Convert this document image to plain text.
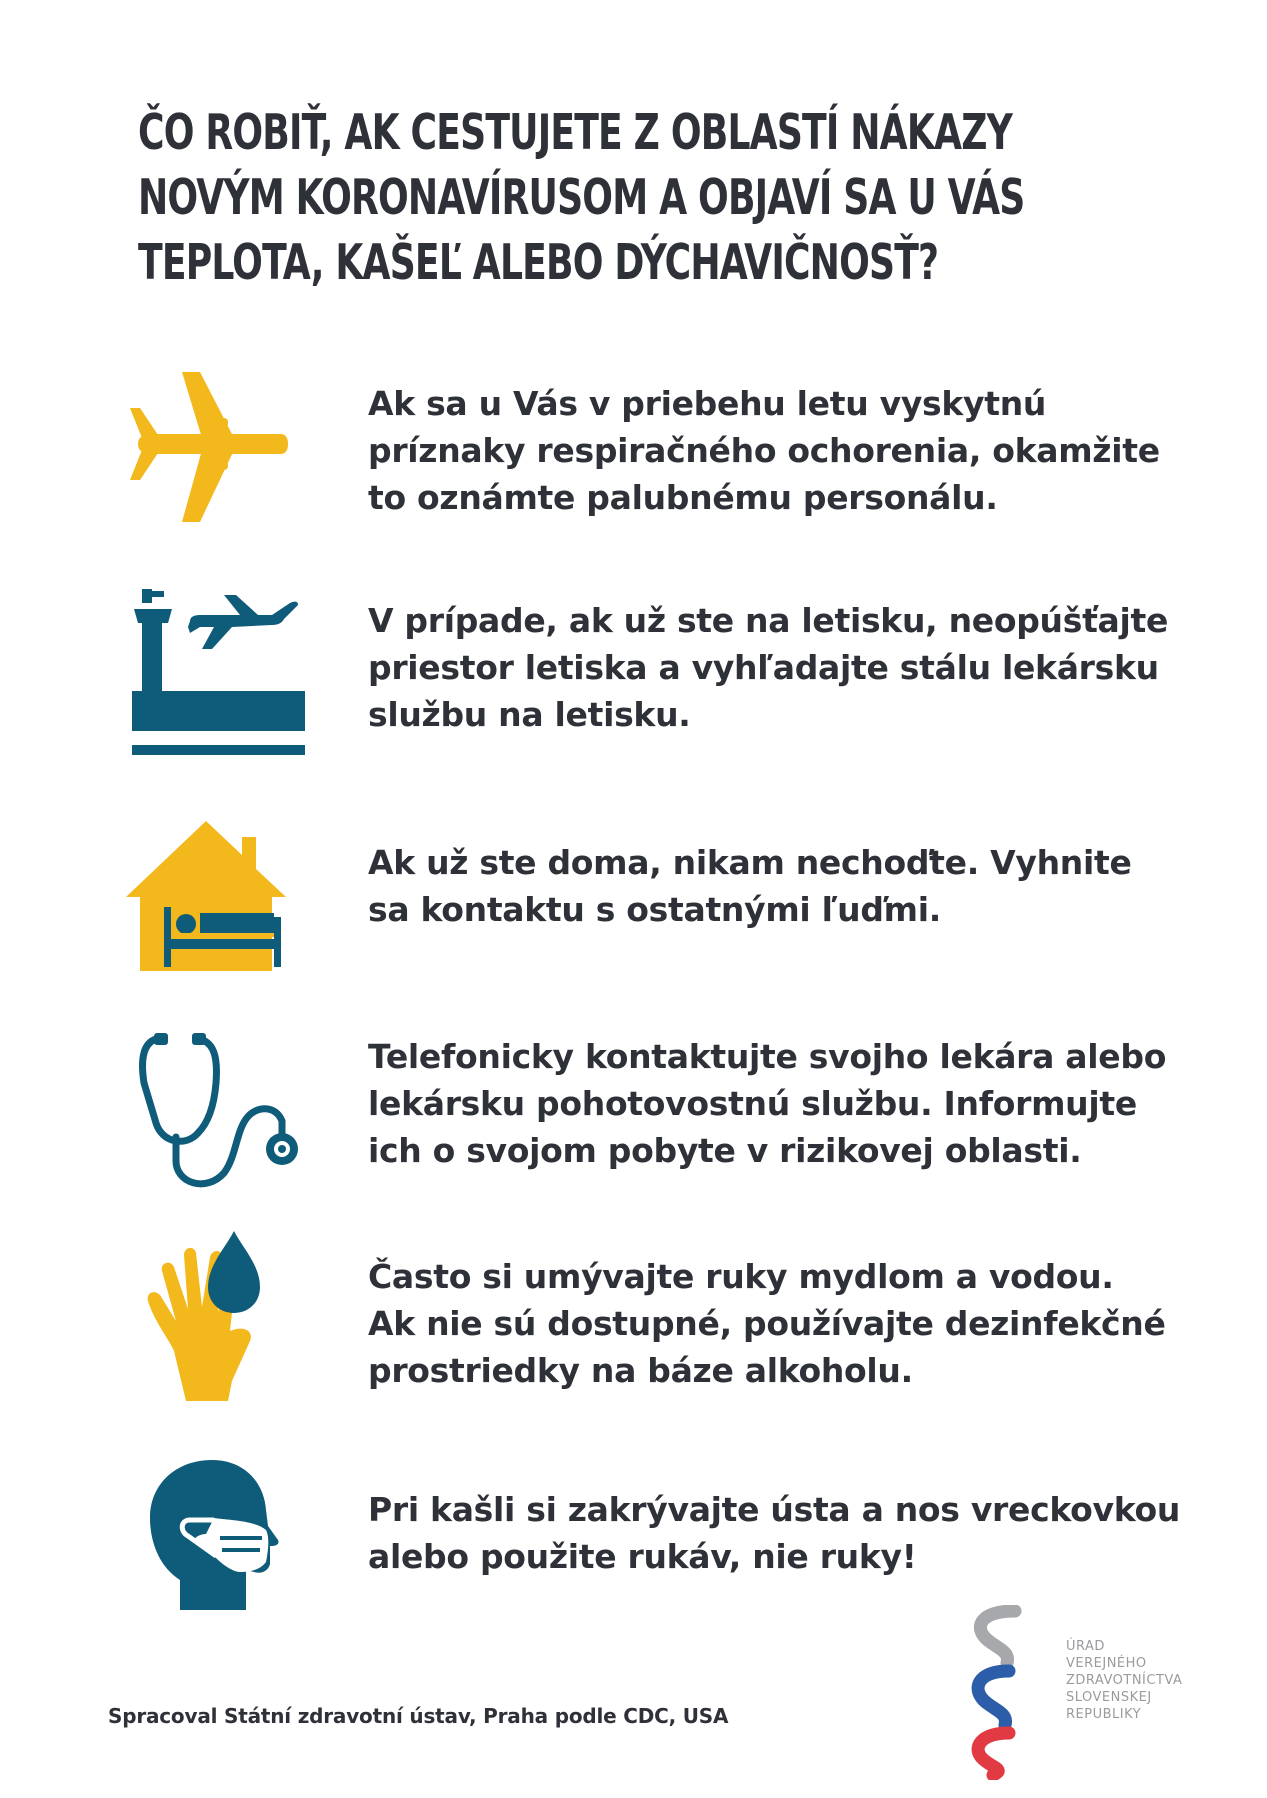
ČO ROBIŤ, AK CESTUJETE Z OBLASTÍ NÁKAZY
NOVÝM KORONAVÍRUSOM A OBJAVÍ SA U VÁS
TEPLOTA, KAŠEĽ ALEBO DÝCHAVIČNOSŤ?
Ak sa u Vás v priebehu letu vyskytnú
príznaky respiračného ochorenia, okamžite
to oznámte palubnému personálu.
V prípade, ak už ste na letisku, neopúšťajte
priestor letiska a vyhľadajte stálu lekársku
službu na letisku.
Ak už ste doma, nikam nechoďte. Vyhnite
sa kontaktu s ostatnými ľuďmi.
Telefonicky kontaktujte svojho lekára alebo
lekársku pohotovostnú službu. Informujte
ich o svojom pobyte v rizikovej oblasti.
Často si umývajte ruky mydlom a vodou.
Ak nie sú dostupné, používajte dezinfekčné
prostriedky na báze alkoholu.
Pri kašli si zakrývajte ústa a nos vreckovkou
alebo použite rukáv, nie ruky!
Spracoval Státní zdravotní ústav, Praha podle CDC, USA
ÚRAD
VEREJNÉHO
ZDRAVOTNÍCTVA
SLOVENSKEJ
REPUBLIKY
